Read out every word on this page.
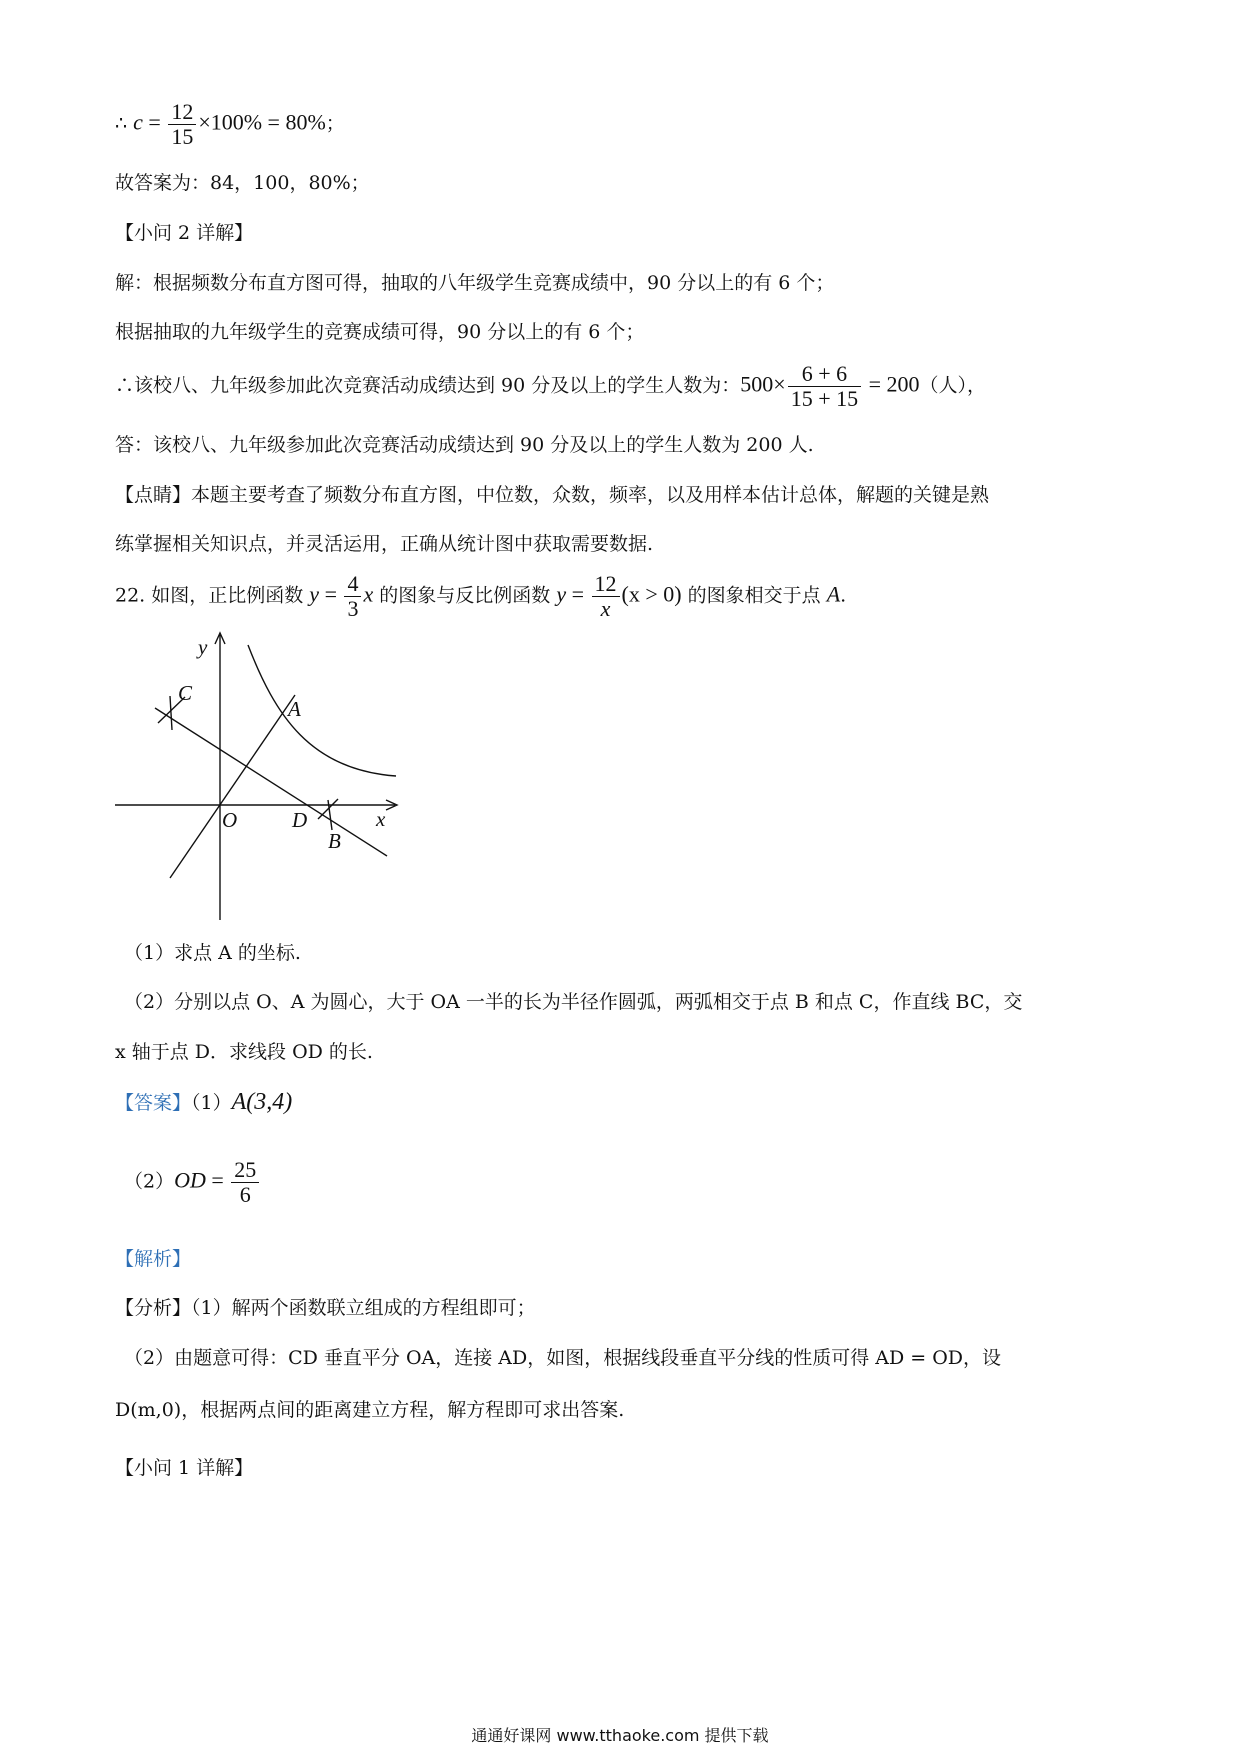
∴ $c = \frac{12}{15} \times 100\% = 80\%$；
故答案为：84，100，80%；
【小问 2 详解】
解：根据频数分布直方图可得，抽取的八年级学生竞赛成绩中，90 分以上的有 6 个；
根据抽取的九年级学生的竞赛成绩可得，90 分以上的有 6 个；
∴该校八、九年级参加此次竞赛活动成绩达到 90 分及以上的学生人数为：$500\times \frac{6 + 6}{15 + 15} = 200$（人），
答：该校八、九年级参加此次竞赛活动成绩达到 90 分及以上的学生人数为 200 人.
【点睛】本题主要考查了频数分布直方图，中位数，众数，频率，以及用样本估计总体，解题的关键是熟
练掌握相关知识点，并灵活运用，正确从统计图中获取需要数据.
22. 如图，正比例函数 $y = \frac{4}{3}$ x 的图象与反比例函数 $y = \frac{12}{x} (x > 0)$ 的图象相交于点 A.
y
x
O
A
C
D
B
（1）求点 A 的坐标.
（2）分别以点 O、A 为圆心，大于 OA 一半的长为半径作圆弧，两弧相交于点 B 和点 C，作直线 BC，交
x 轴于点 D．求线段 OD 的长.
【答案】（1）A(3,4)
$(2)OD = \frac{25}{6}$
【解析】
【分析】（1）解两个函数联立组成的方程组即可；
（2）由题意可得：CD 垂直平分 OA，连接 AD，如图，根据线段垂直平分线的性质可得 AD = OD，设
D(m,0)，根据两点间的距离建立方程，解方程即可求出答案.
【小问 1 详解】
通通好课网 www.tthaoke.com 提供下载
